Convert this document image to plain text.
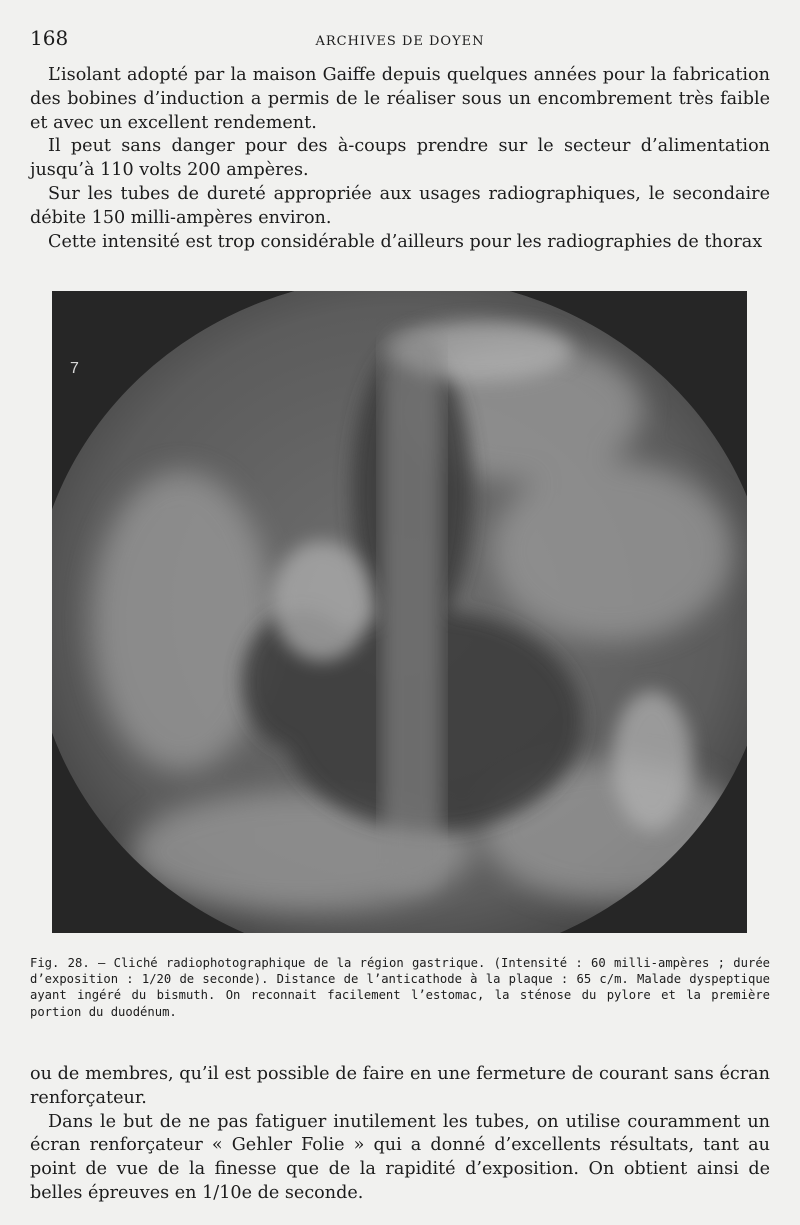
168	ARCHIVES DE DOYEN

L’isolant adopté par la maison Gaiffe depuis quelques années pour la fabrication des bobines d’induction a permis de le réaliser sous un encombrement très faible et avec un excellent rendement.

Il peut sans danger pour des à-coups prendre sur le secteur d’alimentation jusqu’à 110 volts 200 ampères.

Sur les tubes de dureté appropriée aux usages radiographiques, le secondaire débite 150 milli-ampères environ.

Cette intensité est trop considérable d’ailleurs pour les radiographies de thorax

7
Fig. 28. — Cliché radiophotographique de la région gastrique. (Intensité : 60 milli-ampères ; durée d’exposition : 1/20 de seconde). Distance de l’anticathode à la plaque : 65 c/m. Malade dyspeptique ayant ingéré du bismuth. On reconnait facilement l’estomac, la sténose du pylore et la première portion du duodénum.

ou de membres, qu’il est possible de faire en une fermeture de courant sans écran renforçateur.

Dans le but de ne pas fatiguer inutilement les tubes, on utilise couramment un écran renforçateur « Gehler Folie » qui a donné d’excellents résultats, tant au point de vue de la finesse que de la rapidité d’exposition. On obtient ainsi de belles épreuves en 1/10e de seconde.
